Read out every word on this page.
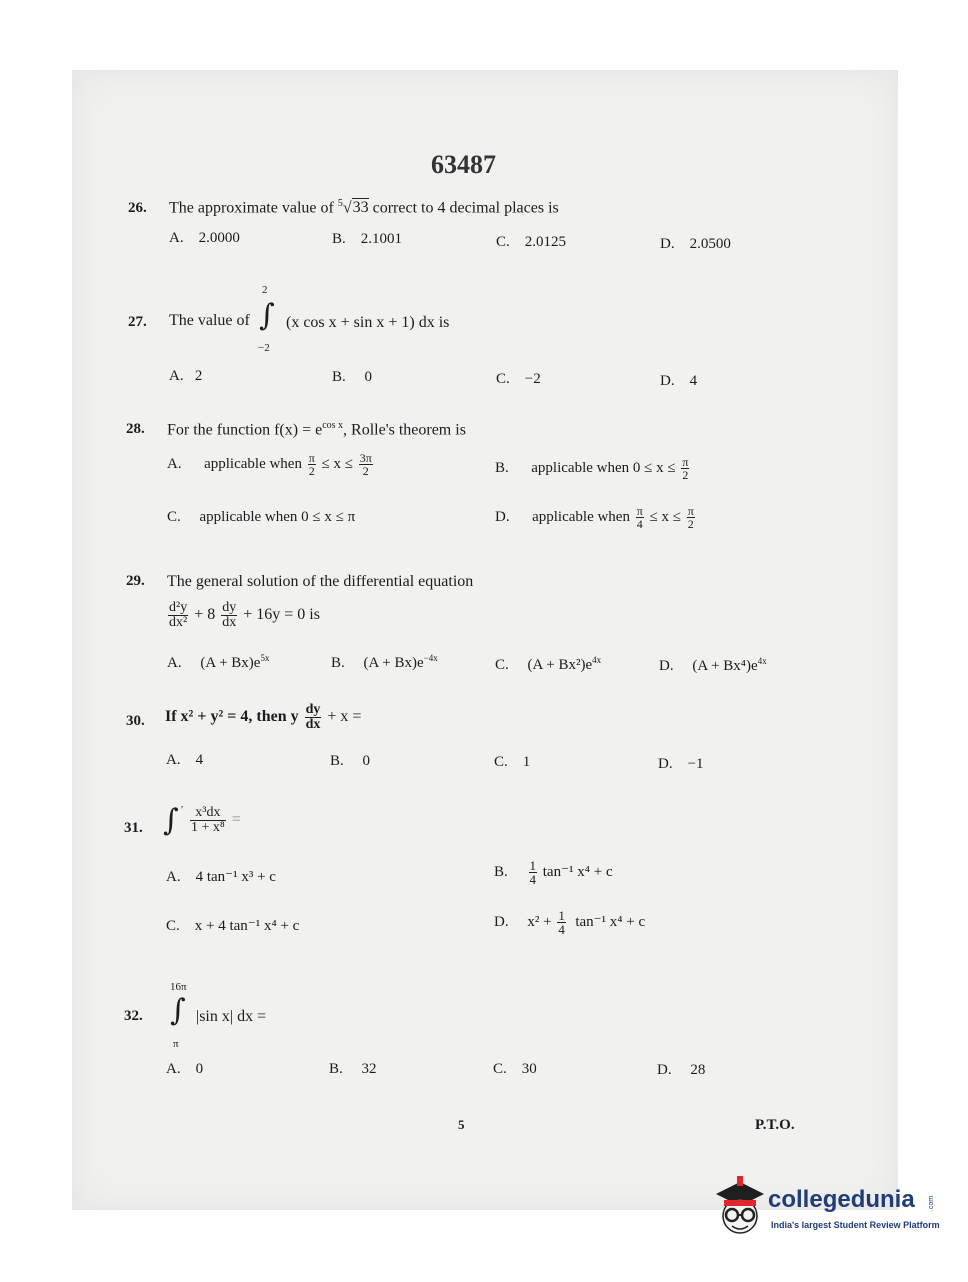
63487
26. The approximate value of $^5$√33 correct to 4 decimal places is
A. 2.0000	B. 2.1001	C. 2.0125	D. 2.0500
2
27. The value of ∫ (x cos x + sin x + 1) dx is
−2
A. 2	B. 0	C. −2	D. 4
28. For the function $f(x) = e^{cos x}$, Rolle's theorem is
A. applicable when $\frac{\pi}{2} \le x \le \frac{3\pi}{2}$	B. applicable when $0 \le x \le \frac{\pi}{2}$
C. applicable when 0 ≤ x ≤ π	D. applicable when $\frac{\pi}{4} \le x \le \frac{\pi}{2}$
29. The general solution of the differential equation
$\frac{\text{d²y}}{\text{dx²}} + 8 \frac{dy}{dx} + 16y = 0$ is
A. $(A + Bx)e^{5x}$	B. $(A + Bx)e^{-4x}$	C. $(A + Bx^2)e^{4x}$	D. $(A + Bx^4)e^{4x}$
30. If x² + y² = 4, then y $\frac{dy}{dx} + x$ =
A. 4	B. 0	C. 1	D. −1
31. ∫ ʹ $\frac{\text{x³dx}}{\text{1 + x⁸}}$ =
A. 4 tan⁻¹ x³ + c	B. $\frac{1}{4} \tan^{-1}$ x⁴ + c
C. x + 4 tan⁻¹ x⁴ + c	D. $x^2 + \frac{1}{4} \tan^{-1}$ x⁴ + c
16π
32. ∫ |sin x| dx =
π
A. 0	B. 32	C. 30	D. 28
5	P.T.O.
collegedunia .com
India's largest Student Review Platform
